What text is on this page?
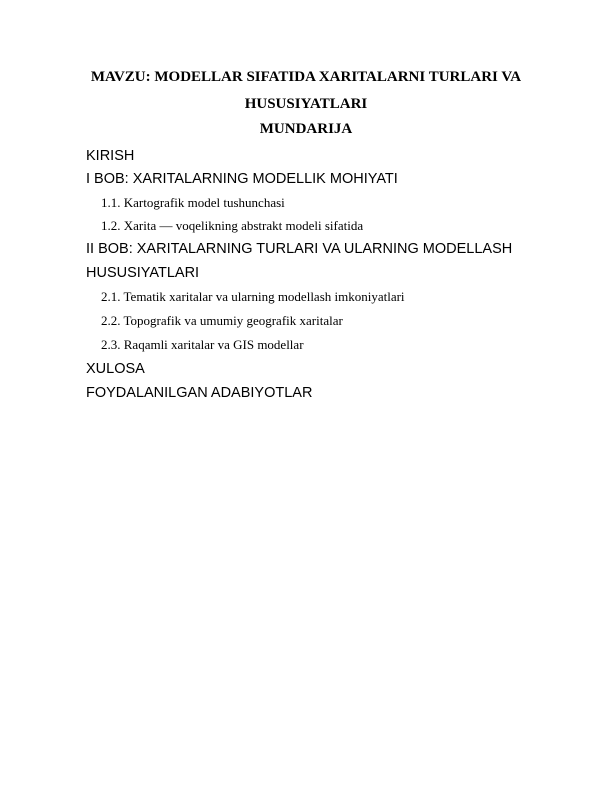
MAVZU: MODELLAR SIFATIDA XARITALARNI TURLARI VA
HUSUSIYATLARI
MUNDARIJA
KIRISH
I BOB: XARITALARNING MODELLIK MOHIYATI
1.1. Kartografik model tushunchasi
1.2. Xarita — voqelikning abstrakt modeli sifatida
II BOB: XARITALARNING TURLARI VA ULARNING MODELLASH
HUSUSIYATLARI
2.1. Tematik xaritalar va ularning modellash imkoniyatlari
2.2. Topografik va umumiy geografik xaritalar
2.3. Raqamli xaritalar va GIS modellar
XULOSA
FOYDALANILGAN ADABIYOTLAR
